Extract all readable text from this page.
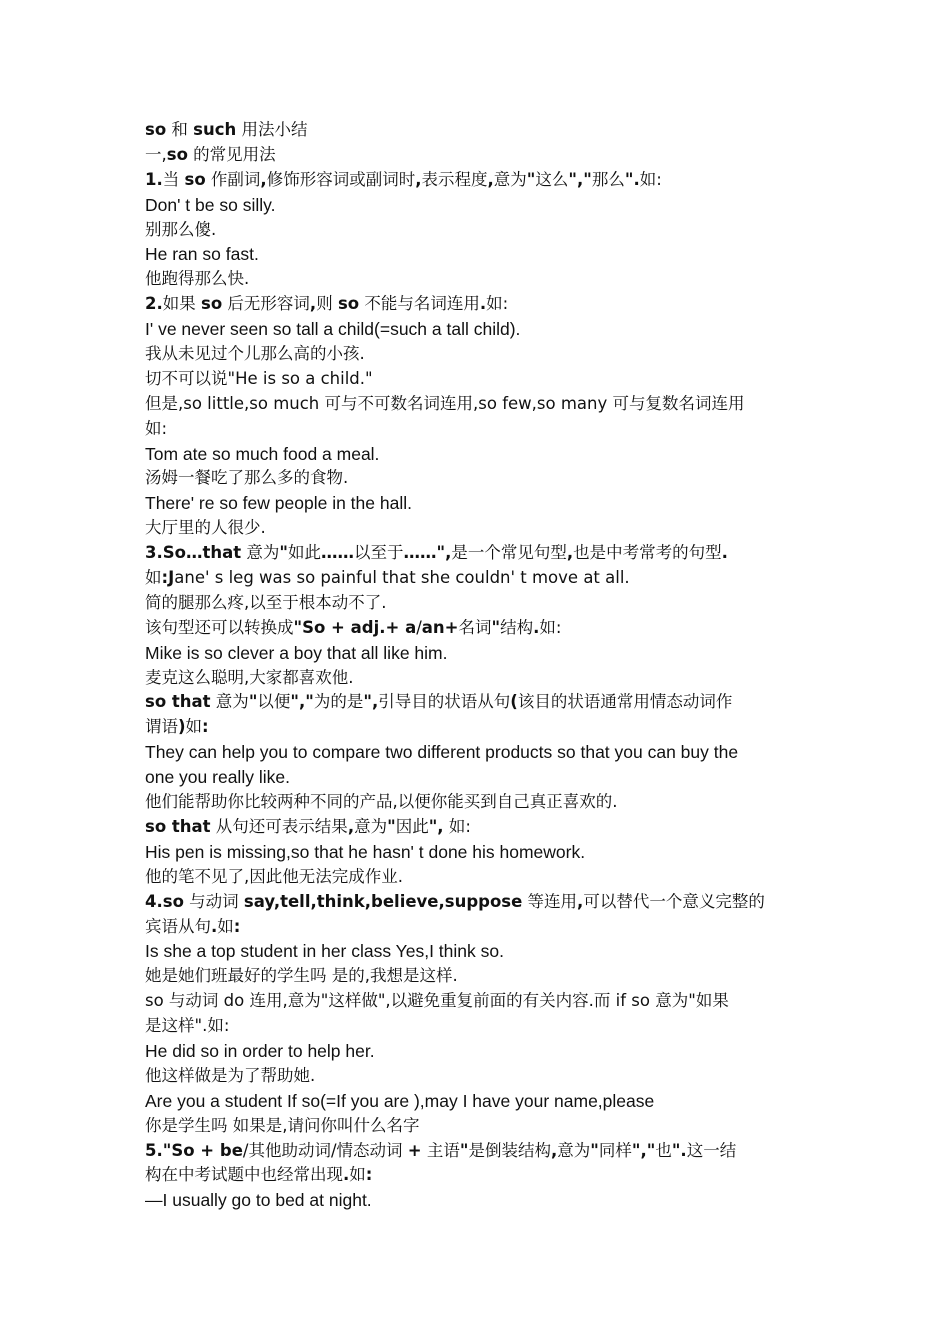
so 和 such 用法小结
一,so 的常见用法
1.当 so 作副词,修饰形容词或副词时,表示程度,意为"这么","那么".如:
Don' t be so silly.
别那么傻.
He ran so fast.
他跑得那么快.
2.如果 so 后无形容词,则 so 不能与名词连用.如:
I' ve never seen so tall a child(=such a tall child).
我从未见过个儿那么高的小孩.
切不可以说"He is so a child."
但是,so little,so much 可与不可数名词连用,so few,so many 可与复数名词连用
如:
Tom ate so much food a meal.
汤姆一餐吃了那么多的食物.
There' re so few people in the hall.
大厅里的人很少.
3.So…that 意为"如此……以至于……",是一个常见句型,也是中考常考的句型.
如:Jane' s leg was so painful that she couldn' t move at all.
简的腿那么疼,以至于根本动不了.
该句型还可以转换成"So + adj.+ a/an+名词"结构.如:
Mike is so clever a boy that all like him.
麦克这么聪明,大家都喜欢他.
so that 意为"以便","为的是",引导目的状语从句(该目的状语通常用情态动词作
谓语)如:
They can help you to compare two different products so that you can buy the
one you really like.
他们能帮助你比较两种不同的产品,以便你能买到自己真正喜欢的.
so that 从句还可表示结果,意为"因此", 如:
His pen is missing,so that he hasn' t done his homework.
他的笔不见了,因此他无法完成作业.
4.so 与动词 say,tell,think,believe,suppose 等连用,可以替代一个意义完整的
宾语从句.如:
Is she a top student in her class Yes,I think so.
她是她们班最好的学生吗 是的,我想是这样.
so 与动词 do 连用,意为"这样做",以避免重复前面的有关内容.而 if so 意为"如果
是这样".如:
He did so in order to help her.
他这样做是为了帮助她.
Are you a student If so(=If you are ),may I have your name,please
你是学生吗 如果是,请问你叫什么名字
5."So + be/其他助动词/情态动词 + 主语"是倒装结构,意为"同样","也".这一结
构在中考试题中也经常出现.如:
—I usually go to bed at night.
